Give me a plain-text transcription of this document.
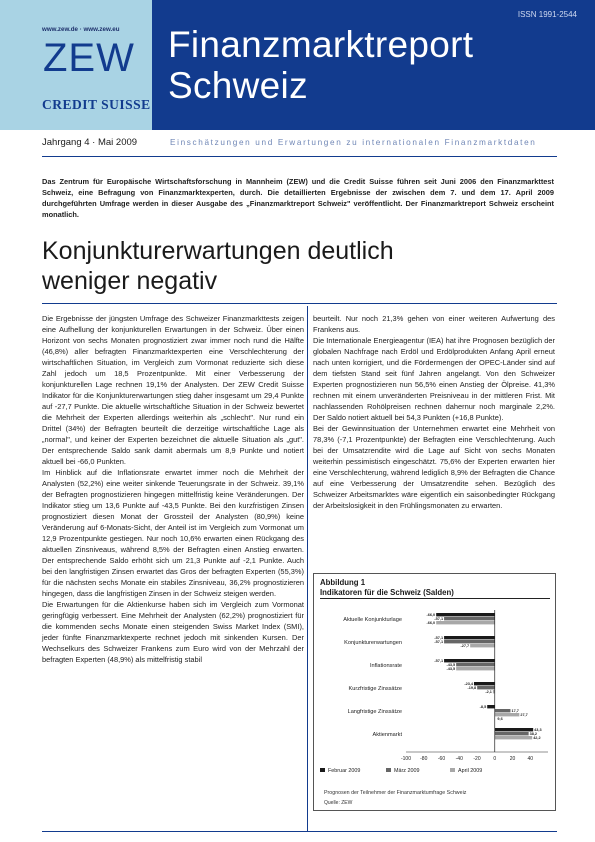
www.zew.de · www.zew.eu
ZEW
CREDIT SUISSE
ISSN 1991-2544
Finanzmarktreport
Schweiz
Jahrgang 4 · Mai 2009	Einschätzungen und Erwartungen zu internationalen Finanzmarktdaten
Das Zentrum für Europäische Wirtschaftsforschung in Mannheim (ZEW) und die Credit Suisse führen seit Juni 2006 den Finanzmarkttest Schweiz, eine Befragung von Finanzmarktexperten, durch. Die detaillierten Ergebnisse der zwischen dem 7. und dem 17. April 2009 durchgeführten Umfrage werden in dieser Ausgabe des „Finanzmarktreport Schweiz" veröffentlicht. Der Finanzmarktreport Schweiz erscheint monatlich.
Konjunkturerwartungen deutlich
weniger negativ

Die Ergebnisse der jüngsten Umfrage des Schweizer Finanzmarkttests zeigen eine Aufhellung der konjunkturellen Erwartungen in der Schweiz. Über einen Horizont von sechs Monaten prognostiziert zwar immer noch rund die Hälfte (46,8%) aller befragten Finanzmarktexperten eine Verschlechterung der wirtschaftlichen Situation, im Vergleich zum Vormonat reduzierte sich diese Zahl jedoch um 18,5 Prozentpunkte. Mit einer Verbesserung der konjunkturellen Lage rechnen 19,1% der Analysten. Der ZEW Credit Suisse Indikator für die Konjunkturerwartungen stieg daher insgesamt um 29,4 Punkte auf -27,7 Punkte. Die aktuelle wirtschaftliche Situation in der Schweiz bewertet die Mehrheit der Experten allerdings weiterhin als „schlecht". Nur rund ein Drittel (34%) der Befragten beurteilt die derzeitige wirtschaftliche Lage als „normal", und keiner der Experten bezeichnet die aktuelle Situation als „gut". Der entsprechende Saldo sank damit abermals um 8,9 Punkte und notiert aktuell bei -66,0 Punkten.

Im Hinblick auf die Inflationsrate erwartet immer noch die Mehrheit der Analysten (52,2%) eine weiter sinkende Teuerungsrate in der Schweiz. 39,1% der Befragten prognostizieren hingegen mittelfristig keine Veränderungen. Der Indikator stieg um 13,6 Punkte auf -43,5 Punkte. Bei den kurzfristigen Zinsen prognostiziert diesen Monat der Grossteil der Analysten (80,9%) keine Veränderung auf 6-Monats-Sicht, der Anteil ist im Vergleich zum Vormonat um 12,9 Prozentpunkte gestiegen. Nur noch 10,6% erwarten einen Rückgang des aktuellen Zinsniveaus, während 8,5% der Befragten einen Anstieg erwarten. Der entsprechende Saldo erhöht sich um 21,3 Punkte auf -2,1 Punkte. Auch bei den langfristigen Zinsen erwartet das Gros der befragten Experten (55,3%) für die nächsten sechs Monate ein stabiles Zinsniveau, 36,2% prognostizieren hingegen, dass die langfristigen Zinsen in der Schweiz steigen werden.

Die Erwartungen für die Aktienkurse haben sich im Vergleich zum Vormonat geringfügig verbessert. Eine Mehrheit der Analysten (62,2%) prognostiziert für die kommenden sechs Monate einen steigenden Swiss Market Index (SMI), jeder fünfte Finanzmarktexperte rechnet jedoch mit sinkenden Kursen. Der Wechselkurs des Schweizer Frankens zum Euro wird von der Mehrzahl der befragten Experten (48,9%) als mittelfristig stabil

beurteilt. Nur noch 21,3% gehen von einer weiteren Aufwertung des Frankens aus.

Die Internationale Energieagentur (IEA) hat ihre Prognosen bezüglich der globalen Nachfrage nach Erdöl und Erdölprodukten Anfang April erneut nach unten korrigiert, und die Fördermengen der OPEC-Länder sind auf dem tiefsten Stand seit fünf Jahren angelangt. Von den Schweizer Experten prognostizieren nun 56,5% einen Anstieg der Ölpreise. 41,3% rechnen mit einem unveränderten Preisniveau in der mittleren Frist. Mit nachlassenden Rohölpreisen rechnen dahernur noch marginale 2,2%. Der Saldo notiert aktuell bei 54,3 Punkten (+16,8 Punkte).

Bei der Gewinnsituation der Unternehmen erwartet eine Mehrheit von 78,3% (-7,1 Prozentpunkte) der Befragten eine Verschlechterung. Auch bei der Umsatzrendite wird die Lage auf Sicht von sechs Monaten weiterhin pessimistisch eingeschätzt. 75,6% der Experten erwarten hier eine Verschlechterung, während lediglich 8,9% der Befragten die Chance auf eine Verbesserung der Umsatzrendite sehen. Bezüglich des Schweizer Arbeitsmarktes wäre eigentlich ein saisonbedingter Rückgang der Arbeitslosigkeit in den Frühlingsmonaten zu erwarten.

Abbildung 1
Indikatoren für die Schweiz (Salden)
Aktuelle Konjunkturlage
-66,0
-57,1
-66,0
Konjunkturerwartungen
-57,1
-57,1
-27,7
Inflationsrate
-57,1
-43,5
-43,5
Kurzfristige Zinssätze
-23,4
-19,8
-2,1
Langfristige Zinssätze
-8,5
17,7
27,7
Aktienmarkt
43,3
38,2
42,2
9,6
-100 -80 -60 -40 -20	0	20 40
Februar 2009	März 2009	April 2009
Prognosen der Teilnehmer der Finanzmarktumfrage Schweiz
Quelle: ZEW
